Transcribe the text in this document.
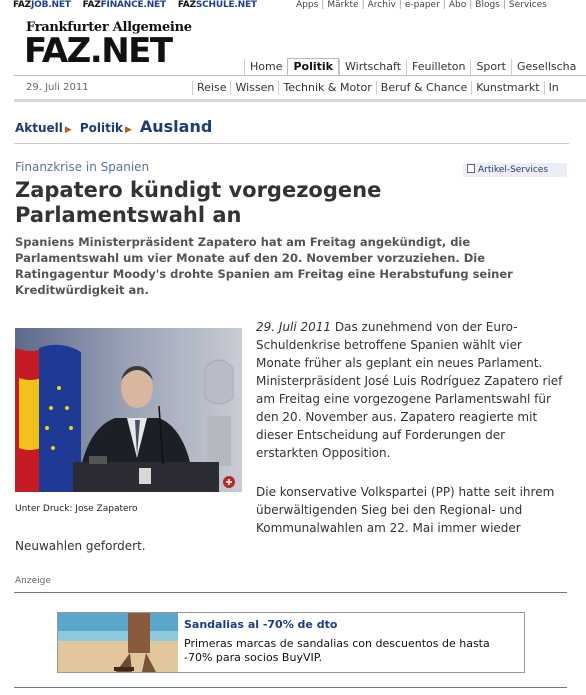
FAZJOB.NET FAZFINANCE.NET FAZSCHULE.NET	Apps | Märkte | Archiv | e-paper | Abo | Blogs | Services
Frankfurter Allgemeine
FAZ.NET	Home Politik Wirtschaft Feuilleton Sport Gesellscha
29. Juli 2011	Reise Wissen Technik & Motor Beruf & Chance Kunstmarkt In
Aktuell ▶ Politik ▶ Ausland
Finanzkrise in Spanien	Artikel-Services
Zapatero kündigt vorgezogene Parlamentswahl an

Spaniens Ministerpräsident Zapatero hat am Freitag angekündigt, die Parlamentswahl um vier Monate auf den 20. November vorzuziehen. Die Ratingagentur Moody's drohte Spanien am Freitag eine Herabstufung seiner Kreditwürdigkeit an.

Unter Druck: Jose Zapatero

29. Juli 2011 Das zunehmend von der Euro-Schuldenkrise betroffene Spanien wählt vier Monate früher als geplant ein neues Parlament. Ministerpräsident José Luis Rodríguez Zapatero rief am Freitag eine vorgezogene Parlamentswahl für den 20. November aus. Zapatero reagierte mit dieser Entscheidung auf Forderungen der erstarkten Opposition.

Die konservative Volkspartei (PP) hatte seit ihrem überwältigenden Sieg bei den Regional- und Kommunalwahlen am 22. Mai immer wieder

Neuwahlen gefordert.

Anzeige
Sandalias al -70% de dto
Primeras marcas de sandalias con descuentos de hasta -70% para socios BuyVIP.
